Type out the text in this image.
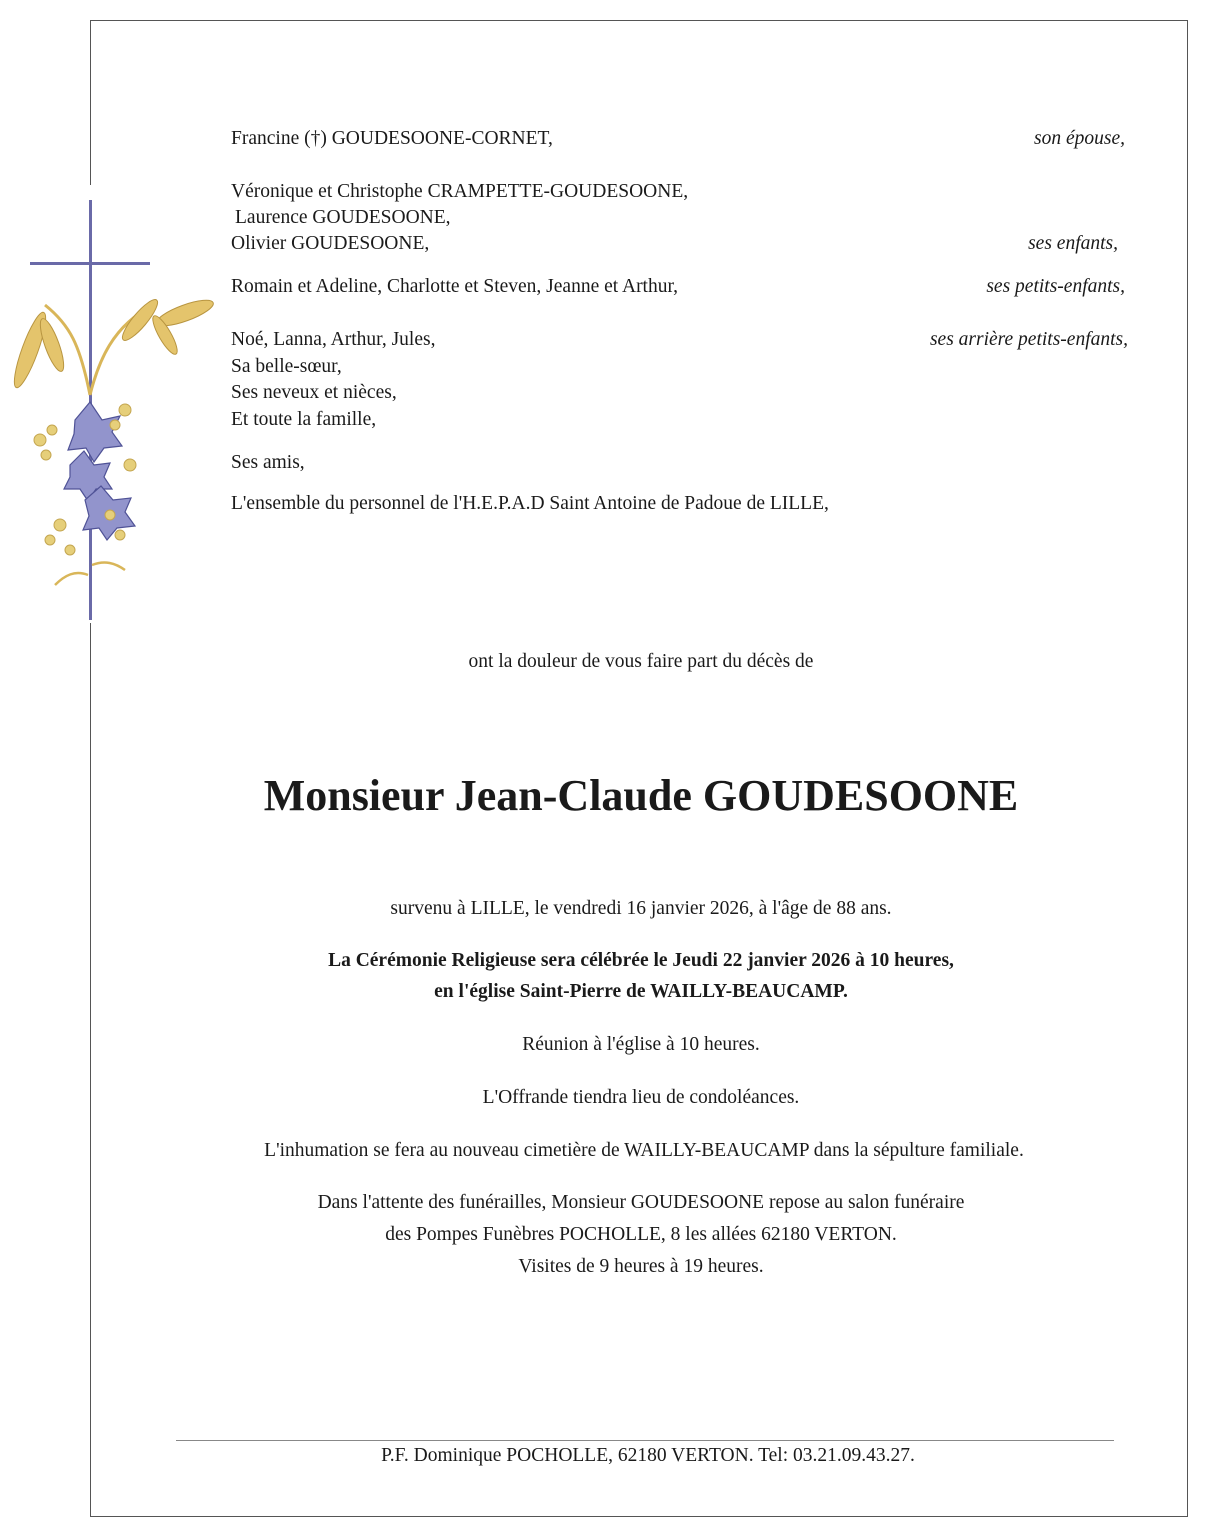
Francine (†) GOUDESOONE-CORNET,	son épouse,
Véronique et Christophe CRAMPETTE-GOUDESOONE,
Laurence GOUDESOONE,
Olivier GOUDESOONE,	ses enfants,
Romain et Adeline, Charlotte et Steven, Jeanne et Arthur,	ses petits-enfants,
Noé, Lanna, Arthur, Jules,	ses arrière petits-enfants,
Sa belle-sœur,
Ses neveux et nièces,
Et toute la famille,
Ses amis,
L'ensemble du personnel de l'H.E.P.A.D Saint Antoine de Padoue de LILLE,
ont la douleur de vous faire part du décès de
Monsieur Jean-Claude GOUDESOONE
survenu à LILLE, le vendredi 16 janvier 2026, à l'âge de 88 ans.
La Cérémonie Religieuse sera célébrée le Jeudi 22 janvier 2026 à 10 heures,
en l'église Saint-Pierre de WAILLY-BEAUCAMP.
Réunion à l'église à 10 heures.
L'Offrande tiendra lieu de condoléances.
L'inhumation se fera au nouveau cimetière de WAILLY-BEAUCAMP dans la sépulture familiale.
Dans l'attente des funérailles, Monsieur GOUDESOONE repose au salon funéraire
des Pompes Funèbres POCHOLLE, 8 les allées 62180 VERTON.
Visites de 9 heures à 19 heures.
P.F. Dominique POCHOLLE, 62180 VERTON. Tel: 03.21.09.43.27.
